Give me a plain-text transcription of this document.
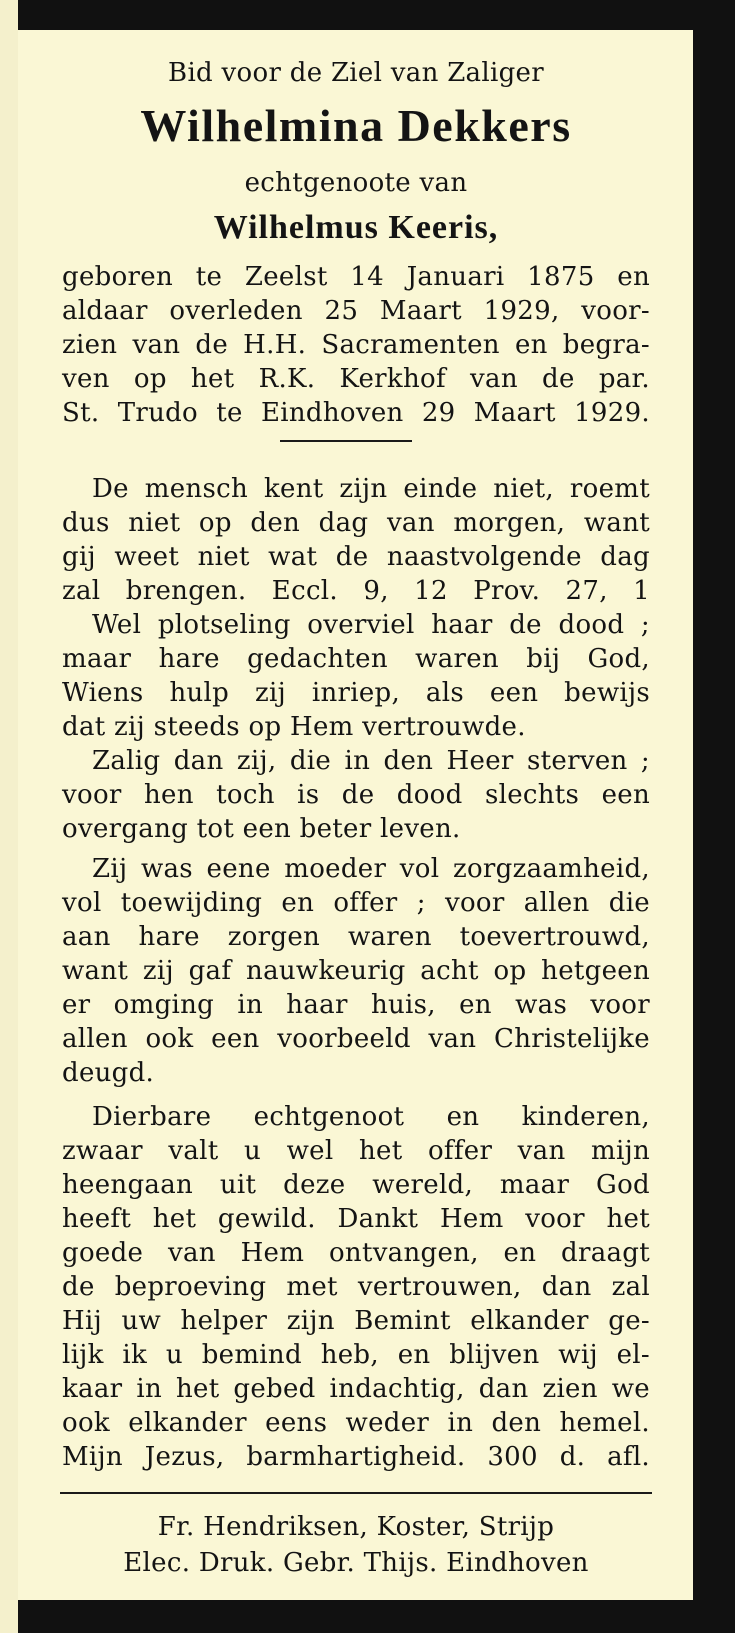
Bid voor de Ziel van Zaliger
Wilhelmina Dekkers
echtgenoote van
Wilhelmus Keeris,
geboren te Zeelst 14 Januari 1875 en
aldaar overleden 25 Maart 1929, voor-
zien van de H.H. Sacramenten en begra-
ven op het R.K. Kerkhof van de par.
St. Trudo te Eindhoven 29 Maart 1929.
De mensch kent zijn einde niet, roemt
dus niet op den dag van morgen, want
gij weet niet wat de naastvolgende dag
zal brengen. Eccl. 9, 12 Prov. 27, 1
Wel plotseling overviel haar de dood ;
maar hare gedachten waren bij God,
Wiens hulp zij inriep, als een bewijs
dat zij steeds op Hem vertrouwde.
Zalig dan zij, die in den Heer sterven ;
voor hen toch is de dood slechts een
overgang tot een beter leven.
Zij was eene moeder vol zorgzaamheid,
vol toewijding en offer ; voor allen die
aan hare zorgen waren toevertrouwd,
want zij gaf nauwkeurig acht op hetgeen
er omging in haar huis, en was voor
allen ook een voorbeeld van Christelijke
deugd.
Dierbare echtgenoot en kinderen,
zwaar valt u wel het offer van mijn
heengaan uit deze wereld, maar God
heeft het gewild. Dankt Hem voor het
goede van Hem ontvangen, en draagt
de beproeving met vertrouwen, dan zal
Hij uw helper zijn Bemint elkander ge-
lijk ik u bemind heb, en blijven wij el-
kaar in het gebed indachtig, dan zien we
ook elkander eens weder in den hemel.
Mijn Jezus, barmhartigheid. 300 d. afl.
Fr. Hendriksen, Koster, Strijp
Elec. Druk. Gebr. Thijs. Eindhoven
